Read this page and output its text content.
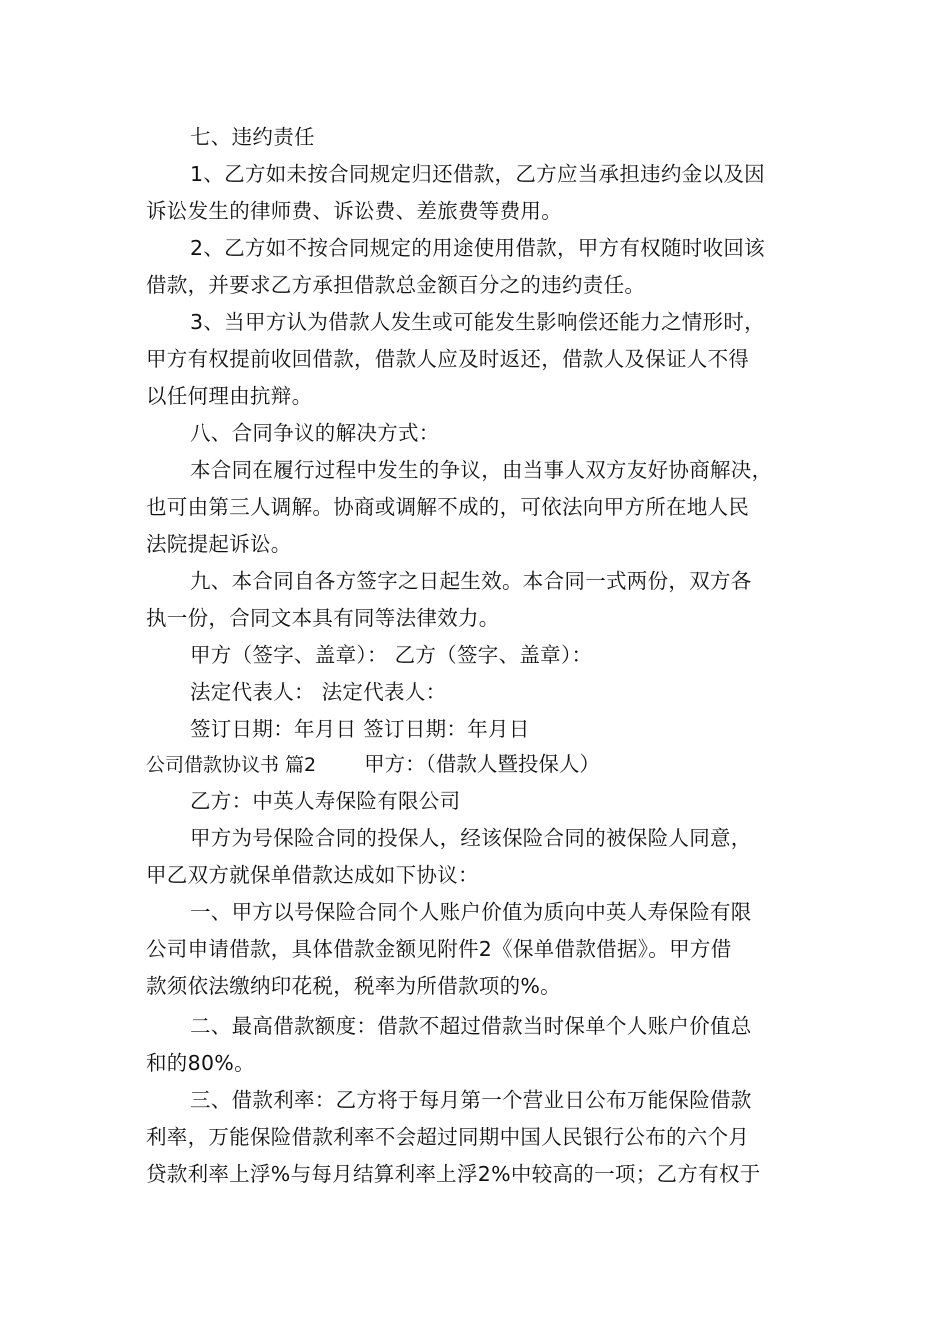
七、违约责任
1、乙方如未按合同规定归还借款，乙方应当承担违约金以及因
诉讼发生的律师费、诉讼费、差旅费等费用。
2、乙方如不按合同规定的用途使用借款，甲方有权随时收回该
借款，并要求乙方承担借款总金额百分之的违约责任。
3、当甲方认为借款人发生或可能发生影响偿还能力之情形时，
甲方有权提前收回借款，借款人应及时返还，借款人及保证人不得
以任何理由抗辩。
八、合同争议的解决方式：
本合同在履行过程中发生的争议，由当事人双方友好协商解决，
也可由第三人调解。协商或调解不成的，可依法向甲方所在地人民
法院提起诉讼。
九、本合同自各方签字之日起生效。本合同一式两份，双方各
执一份，合同文本具有同等法律效力。
甲方（签字、盖章）： 乙方（签字、盖章）：
法定代表人： 法定代表人：
签订日期：年月日 签订日期：年月日
公司借款协议书 篇2 甲方：（借款人暨投保人）
乙方：中英人寿保险有限公司
甲方为号保险合同的投保人，经该保险合同的被保险人同意，
甲乙双方就保单借款达成如下协议：
一、甲方以号保险合同个人账户价值为质向中英人寿保险有限
公司申请借款，具体借款金额见附件2《保单借款借据》。甲方借
款须依法缴纳印花税，税率为所借款项的%。
二、最高借款额度：借款不超过借款当时保单个人账户价值总
和的80%。
三、借款利率：乙方将于每月第一个营业日公布万能保险借款
利率，万能保险借款利率不会超过同期中国人民银行公布的六个月
贷款利率上浮%与每月结算利率上浮2%中较高的一项；乙方有权于
